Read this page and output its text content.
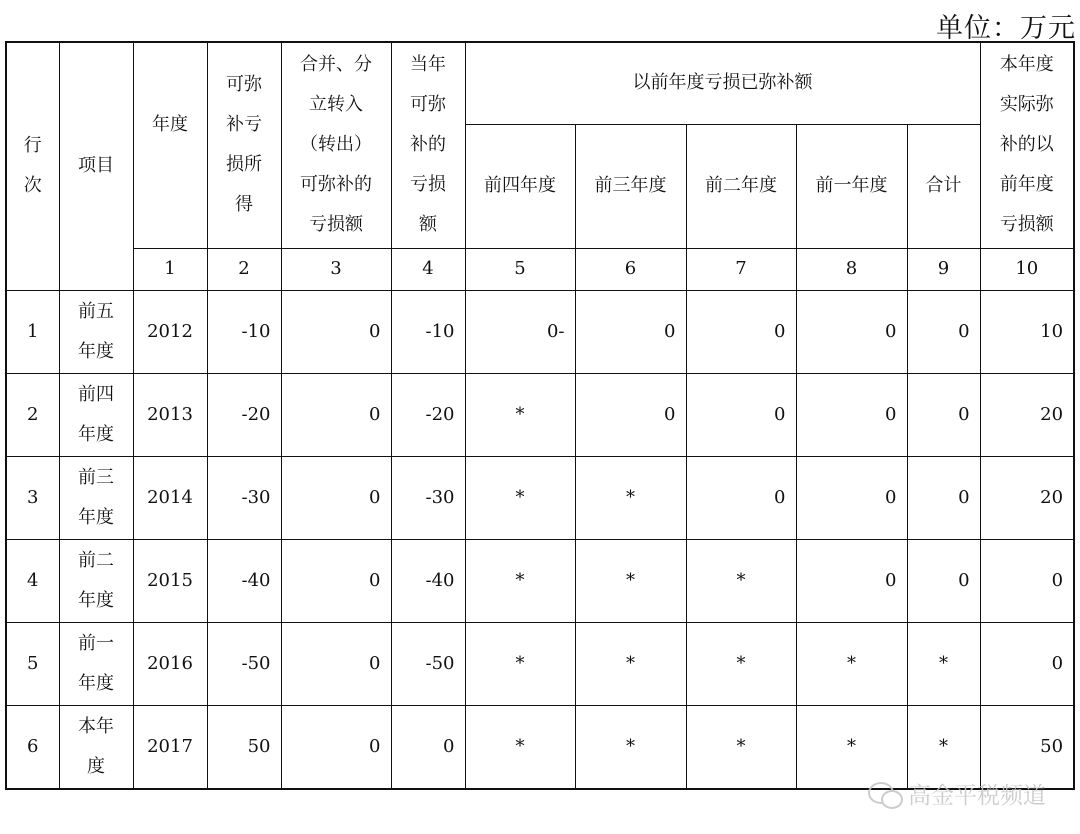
单位：万元
行次	项目	年度	可弥补亏损所得	合并、分立转入（转出）可弥补的亏损额	当年可弥补的亏损额	以前年度亏损已弥补额					本年度实际弥补的以前年度亏损额

						前四年度	前三年度	前二年度	前一年度	合计	
		1	2	3	4	5	6	7	8	9	10
1	前五年度	2012	-10	0	-10	0-	0	0	0	0	10
2	前四年度	2013	-20	0	-20	*	0	0	0	0	20
3	前三年度	2014	-30	0	-30	*	*	0	0	0	20
4	前二年度	2015	-40	0	-40	*	*	*	0	0	0
5	前一年度	2016	-50	0	-50	*	*	*	*	*	0
6	本年度	2017	50	0	0	*	*	*	*	*	50
高金平税频道
